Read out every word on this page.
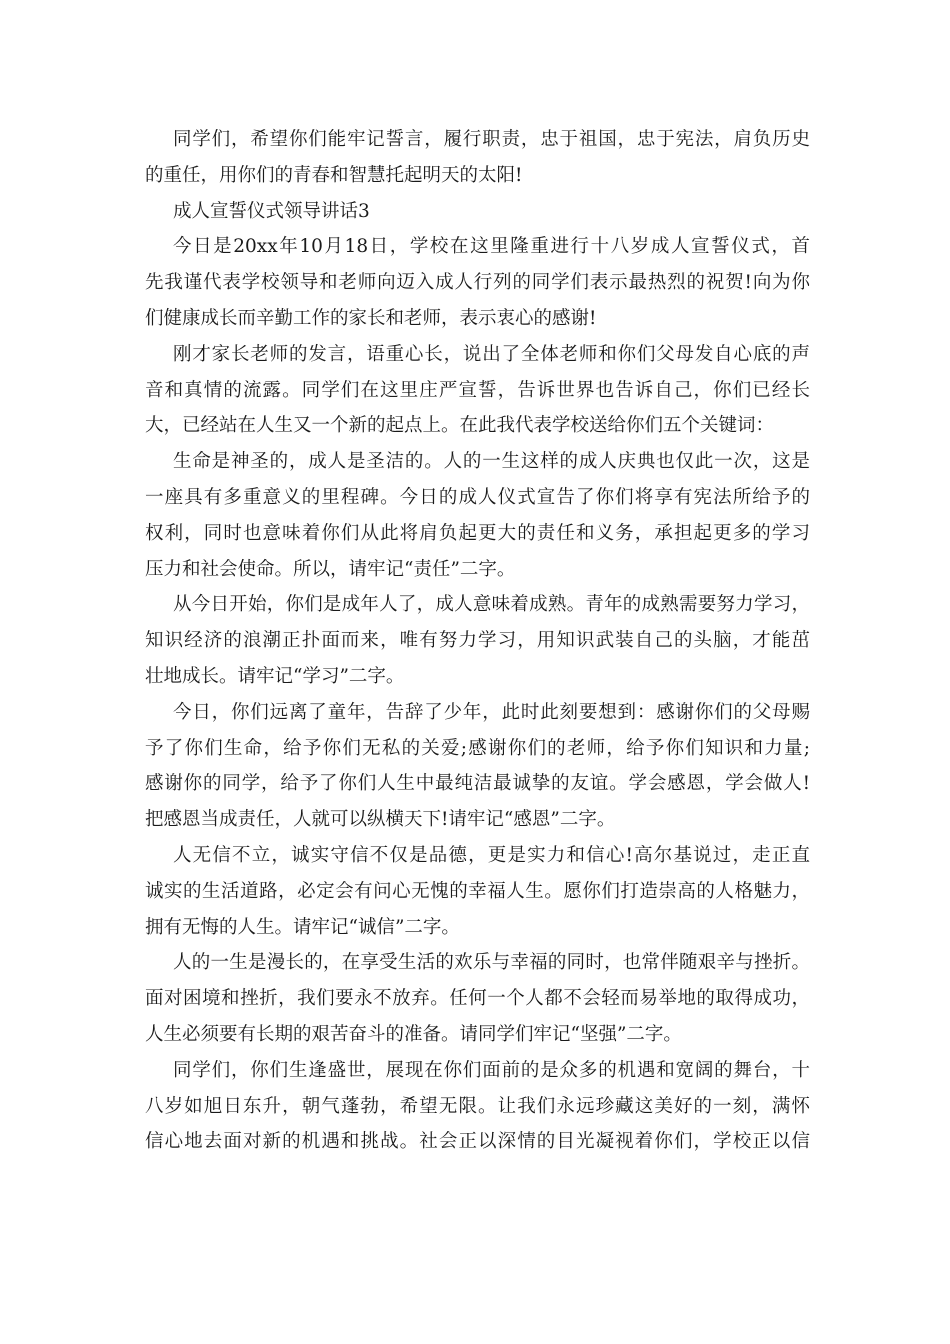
同学们，希望你们能牢记誓言，履行职责，忠于祖国，忠于宪法，肩负历史
的重任，用你们的青春和智慧托起明天的太阳!
成人宣誓仪式领导讲话3
今日是20xx年10月18日，学校在这里隆重进行十八岁成人宣誓仪式，首
先我谨代表学校领导和老师向迈入成人行列的同学们表示最热烈的祝贺!向为你
们健康成长而辛勤工作的家长和老师，表示衷心的感谢!
刚才家长老师的发言，语重心长，说出了全体老师和你们父母发自心底的声
音和真情的流露。同学们在这里庄严宣誓，告诉世界也告诉自己，你们已经长
大，已经站在人生又一个新的起点上。在此我代表学校送给你们五个关键词：
生命是神圣的，成人是圣洁的。人的一生这样的成人庆典也仅此一次，这是
一座具有多重意义的里程碑。今日的成人仪式宣告了你们将享有宪法所给予的
权利，同时也意味着你们从此将肩负起更大的责任和义务，承担起更多的学习
压力和社会使命。所以，请牢记“责任”二字。
从今日开始，你们是成年人了，成人意味着成熟。青年的成熟需要努力学习，
知识经济的浪潮正扑面而来，唯有努力学习，用知识武装自己的头脑，才能茁
壮地成长。请牢记“学习”二字。
今日，你们远离了童年，告辞了少年，此时此刻要想到：感谢你们的父母赐
予了你们生命，给予你们无私的关爱;感谢你们的老师，给予你们知识和力量;
感谢你的同学，给予了你们人生中最纯洁最诚挚的友谊。学会感恩，学会做人!
把感恩当成责任，人就可以纵横天下!请牢记“感恩”二字。
人无信不立，诚实守信不仅是品德，更是实力和信心!高尔基说过，走正直
诚实的生活道路，必定会有问心无愧的幸福人生。愿你们打造崇高的人格魅力，
拥有无悔的人生。请牢记“诚信”二字。
人的一生是漫长的，在享受生活的欢乐与幸福的同时，也常伴随艰辛与挫折。
面对困境和挫折，我们要永不放弃。任何一个人都不会轻而易举地的取得成功，
人生必须要有长期的艰苦奋斗的准备。请同学们牢记“坚强”二字。
同学们，你们生逢盛世，展现在你们面前的是众多的机遇和宽阔的舞台，十
八岁如旭日东升，朝气蓬勃，希望无限。让我们永远珍藏这美好的一刻，满怀
信心地去面对新的机遇和挑战。社会正以深情的目光凝视着你们，学校正以信
